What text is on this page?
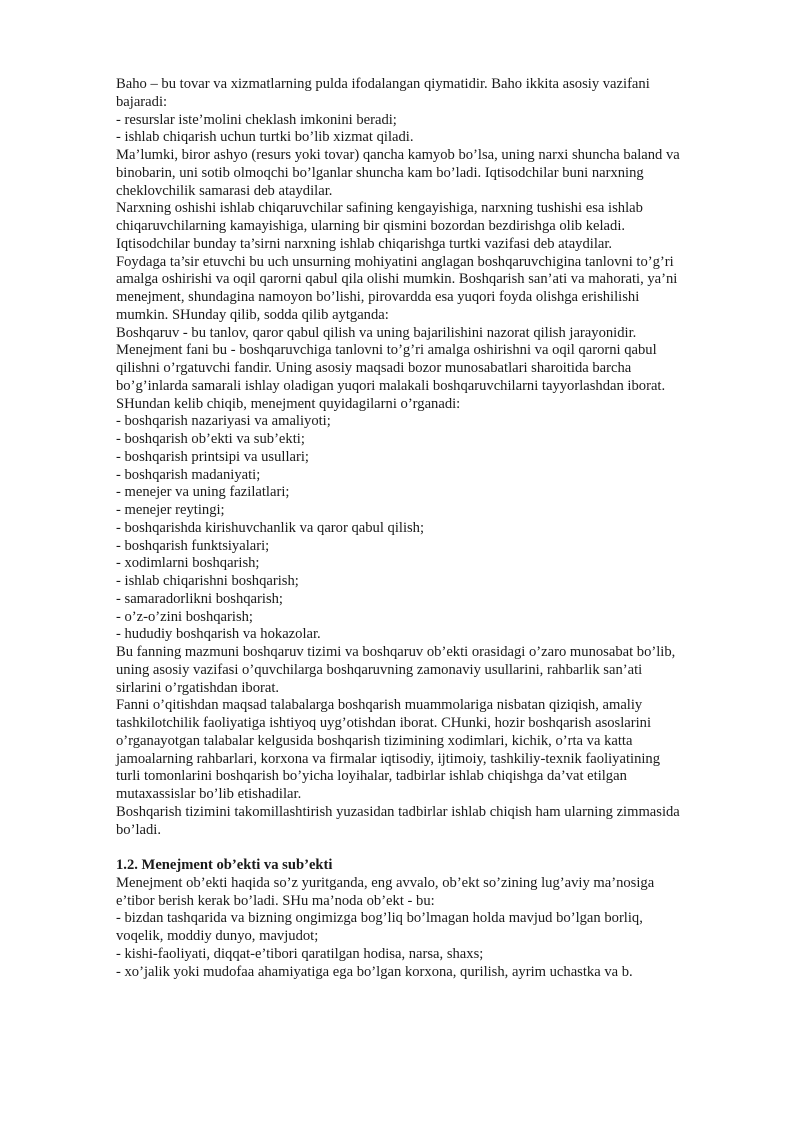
Baho – bu tovar va xizmatlarning pulda ifodalangan qiymatidir. Baho ikkita asosiy vazifani
bajaradi:
- resurslar iste’molini cheklash imkonini beradi;
- ishlab chiqarish uchun turtki bo’lib xizmat qiladi.
Ma’lumki, biror ashyo (resurs yoki tovar) qancha kamyob bo’lsa, uning narxi shuncha baland va
binobarin, uni sotib olmoqchi bo’lganlar shuncha kam bo’ladi. Iqtisodchilar buni narxning
cheklovchilik samarasi deb ataydilar.
Narxning oshishi ishlab chiqaruvchilar safining kengayishiga, narxning tushishi esa ishlab
chiqaruvchilarning kamayishiga, ularning bir qismini bozordan bezdirishga olib keladi.
Iqtisodchilar bunday ta’sirni narxning ishlab chiqarishga turtki vazifasi deb ataydilar.
Foydaga ta’sir etuvchi bu uch unsurning mohiyatini anglagan boshqaruvchigina tanlovni to’g’ri
amalga oshirishi va oqil qarorni qabul qila olishi mumkin. Boshqarish san’ati va mahorati, ya’ni
menejment, shundagina namoyon bo’lishi, pirovardda esa yuqori foyda olishga erishilishi
mumkin. SHunday qilib, sodda qilib aytganda:
Boshqaruv - bu tanlov, qaror qabul qilish va uning bajarilishini nazorat qilish jarayonidir.
Menejment fani bu - boshqaruvchiga tanlovni to’g’ri amalga oshirishni va oqil qarorni qabul
qilishni o’rgatuvchi fandir. Uning asosiy maqsadi bozor munosabatlari sharoitida barcha
bo’g’inlarda samarali ishlay oladigan yuqori malakali boshqaruvchilarni tayyorlashdan iborat.
SHundan kelib chiqib, menejment quyidagilarni o’rganadi:
- boshqarish nazariyasi va amaliyoti;
- boshqarish ob’ekti va sub’ekti;
- boshqarish printsipi va usullari;
- boshqarish madaniyati;
- menejer va uning fazilatlari;
- menejer reytingi;
- boshqarishda kirishuvchanlik va qaror qabul qilish;
- boshqarish funktsiyalari;
- xodimlarni boshqarish;
- ishlab chiqarishni boshqarish;
- samaradorlikni boshqarish;
- o’z-o’zini boshqarish;
- hududiy boshqarish va hokazolar.
Bu fanning mazmuni boshqaruv tizimi va boshqaruv ob’ekti orasidagi o’zaro munosabat bo’lib,
uning asosiy vazifasi o’quvchilarga boshqaruvning zamonaviy usullarini, rahbarlik san’ati
sirlarini o’rgatishdan iborat.
Fanni o’qitishdan maqsad talabalarga boshqarish muammolariga nisbatan qiziqish, amaliy
tashkilotchilik faoliyatiga ishtiyoq uyg’otishdan iborat. CHunki, hozir boshqarish asoslarini
o’rganayotgan talabalar kelgusida boshqarish tizimining xodimlari, kichik, o’rta va katta
jamoalarning rahbarlari, korxona va firmalar iqtisodiy, ijtimoiy, tashkiliy-texnik faoliyatining
turli tomonlarini boshqarish bo’yicha loyihalar, tadbirlar ishlab chiqishga da’vat etilgan
mutaxassislar bo’lib etishadilar.
Boshqarish tizimini takomillashtirish yuzasidan tadbirlar ishlab chiqish ham ularning zimmasida
bo’ladi.
1.2. Menejment ob’ekti va sub’ekti
Menejment ob’ekti haqida so’z yuritganda, eng avvalo, ob’ekt so’zining lug’aviy ma’nosiga
e’tibor berish kerak bo’ladi. SHu ma’noda ob’ekt - bu:
- bizdan tashqarida va bizning ongimizga bog’liq bo’lmagan holda mavjud bo’lgan borliq,
voqelik, moddiy dunyo, mavjudot;
- kishi-faoliyati, diqqat-e’tibori qaratilgan hodisa, narsa, shaxs;
- xo’jalik yoki mudofaa ahamiyatiga ega bo’lgan korxona, qurilish, ayrim uchastka va b.
